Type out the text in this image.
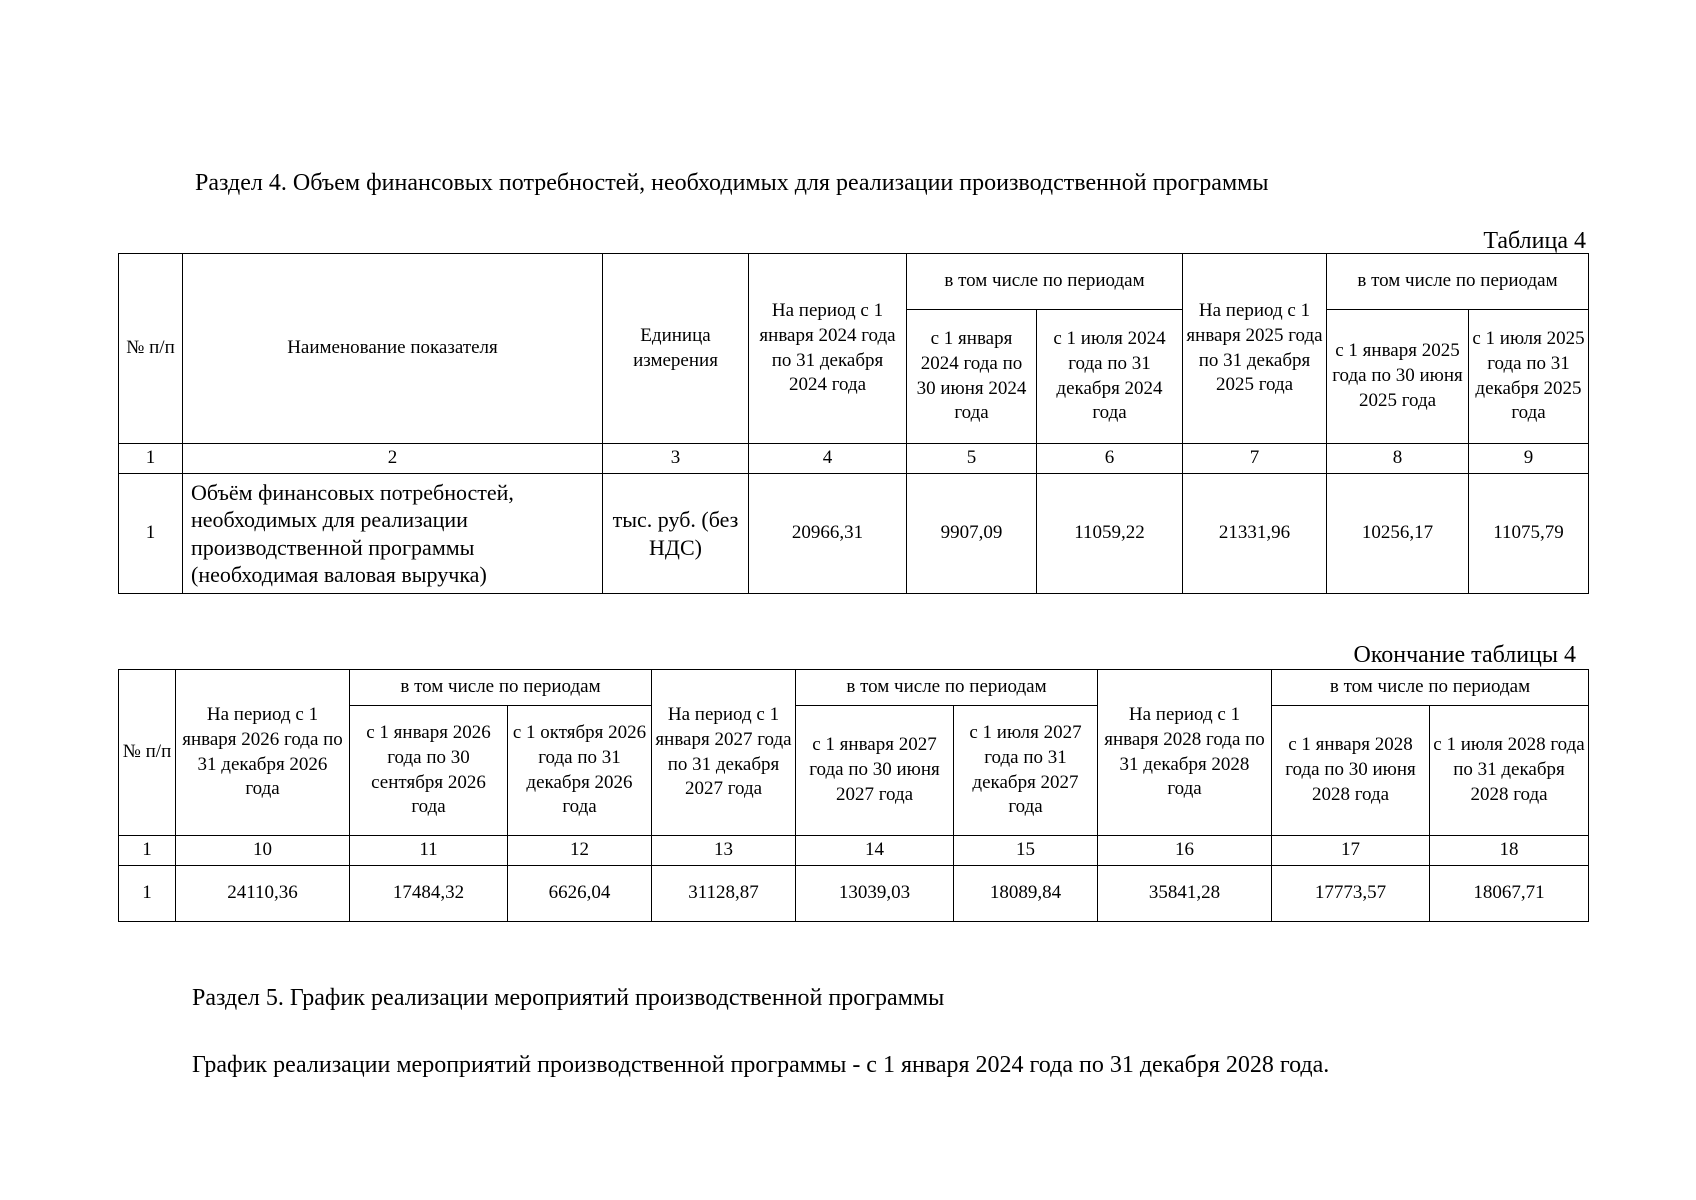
Раздел 4. Объем финансовых потребностей, необходимых для реализации производственной программы
Таблица 4
№ п/п	Наименование показателя	Единица измерения	На период с 1 января 2024 года по 31 декабря 2024 года	в том числе по периодам		На период с 1 января 2025 года по 31 декабря 2025 года	в том числе по периодам	
				с 1 января 2024 года по 30 июня 2024 года	с 1 июля 2024 года по 31 декабря 2024 года		с 1 января 2025 года по 30 июня 2025 года	с 1 июля 2025 года по 31 декабря 2025 года
1	2	3	4	5	6	7	8	9
1	Объём финансовых потребностей, необходимых для реализации производственной программы (необходимая валовая выручка)	тыс. руб. (без НДС)	20966,31	9907,09	11059,22	21331,96	10256,17	11075,79
Окончание таблицы 4
№ п/п	На период с 1 января 2026 года по 31 декабря 2026 года	в том числе по периодам		На период с 1 января 2027 года по 31 декабря 2027 года	в том числе по периодам		На период с 1 января 2028 года по 31 декабря 2028 года	в том числе по периодам	
		с 1 января 2026 года по 30 сентября 2026 года	с 1 октября 2026 года по 31 декабря 2026 года		с 1 января 2027 года по 30 июня 2027 года	с 1 июля 2027 года по 31 декабря 2027 года		с 1 января 2028 года по 30 июня 2028 года	с 1 июля 2028 года по 31 декабря 2028 года
1	10	11	12	13	14	15	16	17	18
1	24110,36	17484,32	6626,04	31128,87	13039,03	18089,84	35841,28	17773,57	18067,71
Раздел 5. График реализации мероприятий производственной программы
График реализации мероприятий производственной программы - с 1 января 2024 года по 31 декабря 2028 года.
